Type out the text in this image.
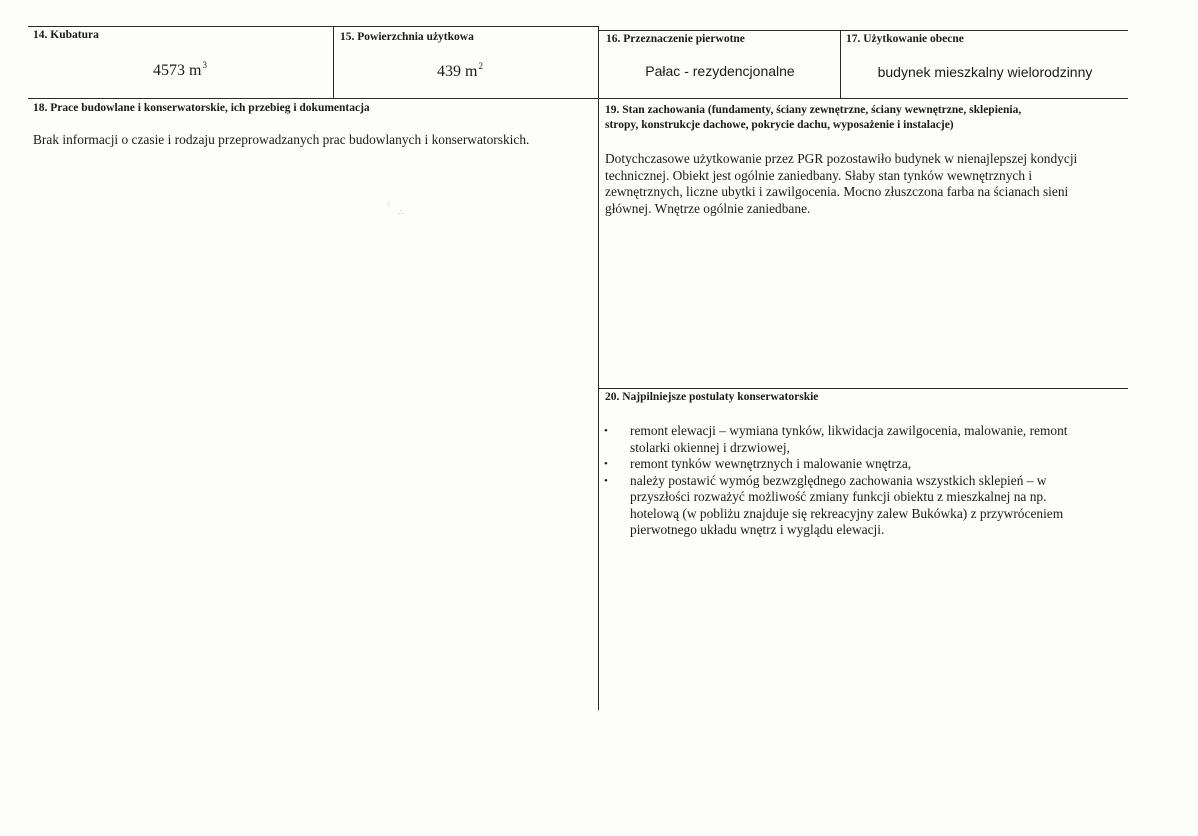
14. Kubatura
4573 $m^3$
15. Powierzchnia użytkowa
439 $m^2$
16. Przeznaczenie pierwotne
Pałac - rezydencjonalne
17. Użytkowanie obecne
budynek mieszkalny wielorodzinny
18. Prace budowlane i konserwatorskie, ich przebieg i dokumentacja
Brak informacji o czasie i rodzaju przeprowadzanych prac budowlanych i konserwatorskich.
19. Stan zachowania (fundamenty, ściany zewnętrzne, ściany wewnętrzne, sklepienia,
stropy, konstrukcje dachowe, pokrycie dachu, wyposażenie i instalacje)
Dotychczasowe użytkowanie przez PGR pozostawiło budynek w nienajlepszej kondycji
technicznej. Obiekt jest ogólnie zaniedbany. Słaby stan tynków wewnętrznych i
zewnętrznych, liczne ubytki i zawilgocenia. Mocno złuszczona farba na ścianach sieni
głównej. Wnętrze ogólnie zaniedbane.
20. Najpilniejsze postulaty konserwatorskie
• remont elewacji – wymiana tynków, likwidacja zawilgocenia, malowanie, remont
stolarki okiennej i drzwiowej,
• remont tynków wewnętrznych i malowanie wnętrza,
• należy postawić wymóg bezwzględnego zachowania wszystkich sklepień – w
przyszłości rozważyć możliwość zmiany funkcji obiektu z mieszkalnej na np.
hotelową (w pobliżu znajduje się rekreacyjny zalew Bukówka) z przywróceniem
pierwotnego układu wnętrz i wyglądu elewacji.
⁘
∴
